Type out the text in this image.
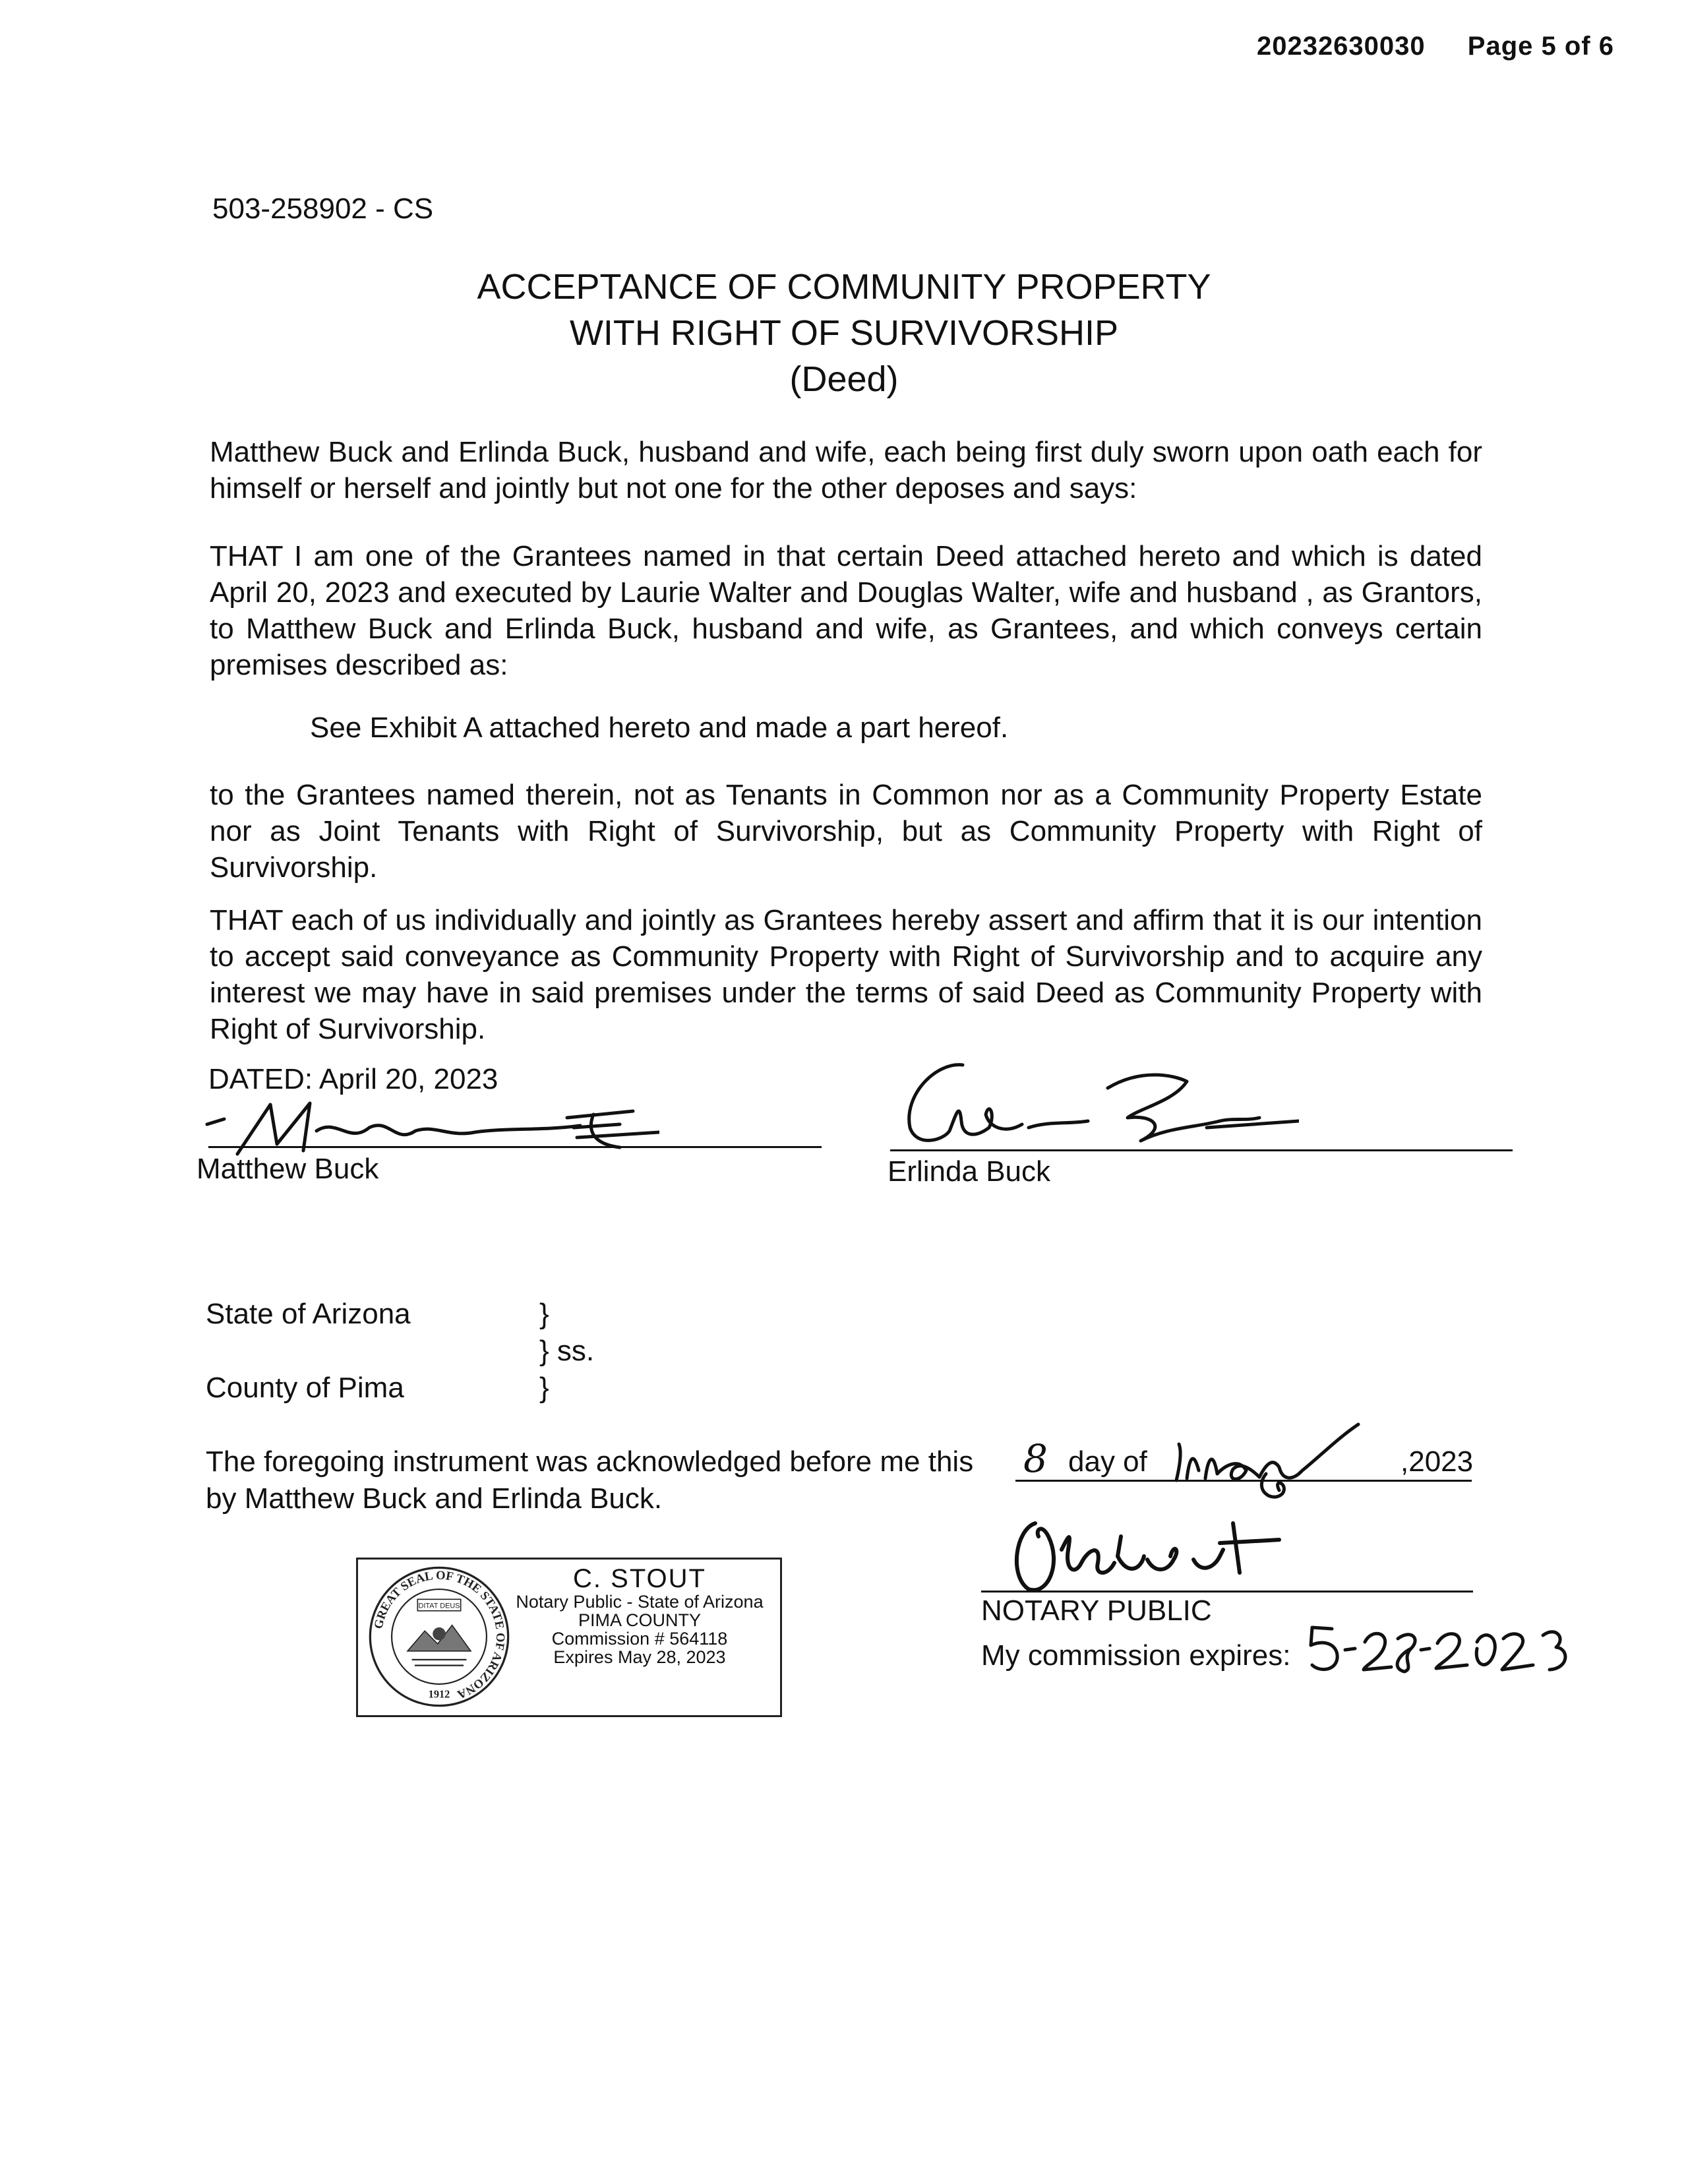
20232630030 Page 5 of 6
503-258902 - CS
ACCEPTANCE OF COMMUNITY PROPERTY
WITH RIGHT OF SURVIVORSHIP
(Deed)
Matthew Buck and Erlinda Buck, husband and wife, each being first duly sworn upon oath each for himself or herself and jointly but not one for the other deposes and says:
THAT I am one of the Grantees named in that certain Deed attached hereto and which is dated April 20, 2023 and executed by Laurie Walter and Douglas Walter, wife and husband , as Grantors, to Matthew Buck and Erlinda Buck, husband and wife, as Grantees, and which conveys certain premises described as:
See Exhibit A attached hereto and made a part hereof.
to the Grantees named therein, not as Tenants in Common nor as a Community Property Estate nor as Joint Tenants with Right of Survivorship, but as Community Property with Right of Survivorship.
THAT each of us individually and jointly as Grantees hereby assert and affirm that it is our intention to accept said conveyance as Community Property with Right of Survivorship and to acquire any interest we may have in said premises under the terms of said Deed as Community Property with Right of Survivorship.
DATED: April 20, 2023
Matthew Buck	Erlinda Buck
State of Arizona
County of Pima
}
} ss.
}
The foregoing instrument was acknowledged before me this 8 day of	,2023
by Matthew Buck and Erlinda Buck.
NOTARY PUBLIC
My commission expires:
GREAT SEAL OF THE STATE OF ARIZONA
DITAT DEUS
1912
C. STOUT
Notary Public - State of Arizona
PIMA COUNTY
Commission # 564118
Expires May 28, 2023
